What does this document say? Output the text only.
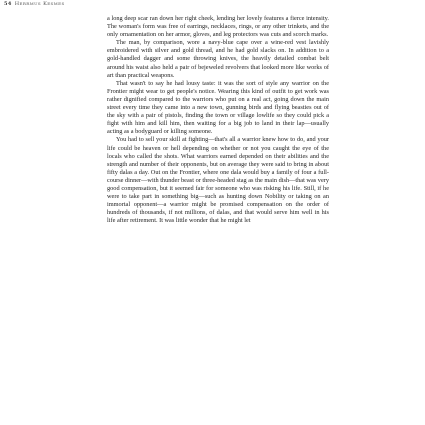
54 Herrmus Kesmes

a long deep scar ran down her right cheek, lending her lovely features a fierce intensity. The woman's form was free of earrings, necklaces, rings, or any other trinkets, and the only ornamentation on her armor, gloves, and leg protectors was cuts and scorch marks.

The man, by comparison, wore a navy-blue cape over a wine-red vest lavishly embroidered with silver and gold thread, and he had gold slacks on. In addition to a gold-handled dagger and some throwing knives, the heavily detailed combat belt around his waist also held a pair of bejeweled revolvers that looked more like works of art than practical weapons.

That wasn't to say he had lousy taste: it was the sort of style any warrior on the Frontier might wear to get people's notice. Wearing this kind of outfit to get work was rather dignified compared to the warriors who put on a real act, going down the main street every time they came into a new town, gunning birds and flying beasties out of the sky with a pair of pistols, finding the town or village lowlife so they could pick a fight with him and kill him, then waiting for a big job to land in their lap—usually acting as a bodyguard or killing someone.

You had to sell your skill at fighting—that's all a warrior knew how to do, and your life could be heaven or hell depending on whether or not you caught the eye of the locals who called the shots. What warriors earned depended on their abilities and the strength and number of their opponents, but on average they were said to bring in about fifty dalas a day. Out on the Frontier, where one dala would buy a family of four a full-course dinner—with thunder beast or three-headed stag as the main dish—that was very good compensation, but it seemed fair for someone who was risking his life. Still, if he were to take part in something big—such as hunting down Nobility or taking on an immortal opponent—a warrior might be promised compensation on the order of hundreds of thousands, if not millions, of dalas, and that would serve him well in his life after retirement. It was little wonder that he might let
